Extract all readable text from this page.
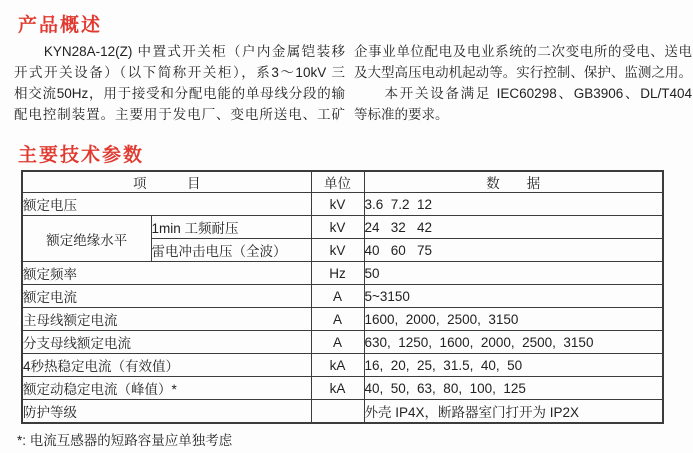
产品概述
　　KYN28A-12(Z) 中置式开关柜（户内金属铠装移
开式开关设备）（以下简称开关柜），系3～10kV 三
相交流50Hz，用于接受和分配电能的单母线分段的输
配电控制装置。主要用于发电厂、变电所送电、工矿
企事业单位配电及电业系统的二次变电所的受电、送电
及大型高压电动机起动等。实行控制、保护、监测之用。
　　本开关设备满足 IEC60298、GB3906、DL/T404
等标准的要求。
主要技术参数
项　　　目		单位	数　　据
额定电压		kV	3.6  7.2  12
额定绝缘水平	1min 工频耐压	kV	24   32   42
	雷电冲击电压（全波）	kV	40   60   75
额定频率		Hz	50
额定电流		A	5~3150
主母线额定电流		A	1600,  2000,  2500,  3150
分支母线额定电流		A	630,  1250,  1600,  2000,  2500,  3150
4秒热稳定电流（有效值）		kA	16,  20,  25,  31.5,  40,  50
额定动稳定电流（峰值）*		kA	40,  50,  63,  80,  100,  125
防护等级			外壳 IP4X，断路器室门打开为 IP2X
*: 电流互感器的短路容量应单独考虑
